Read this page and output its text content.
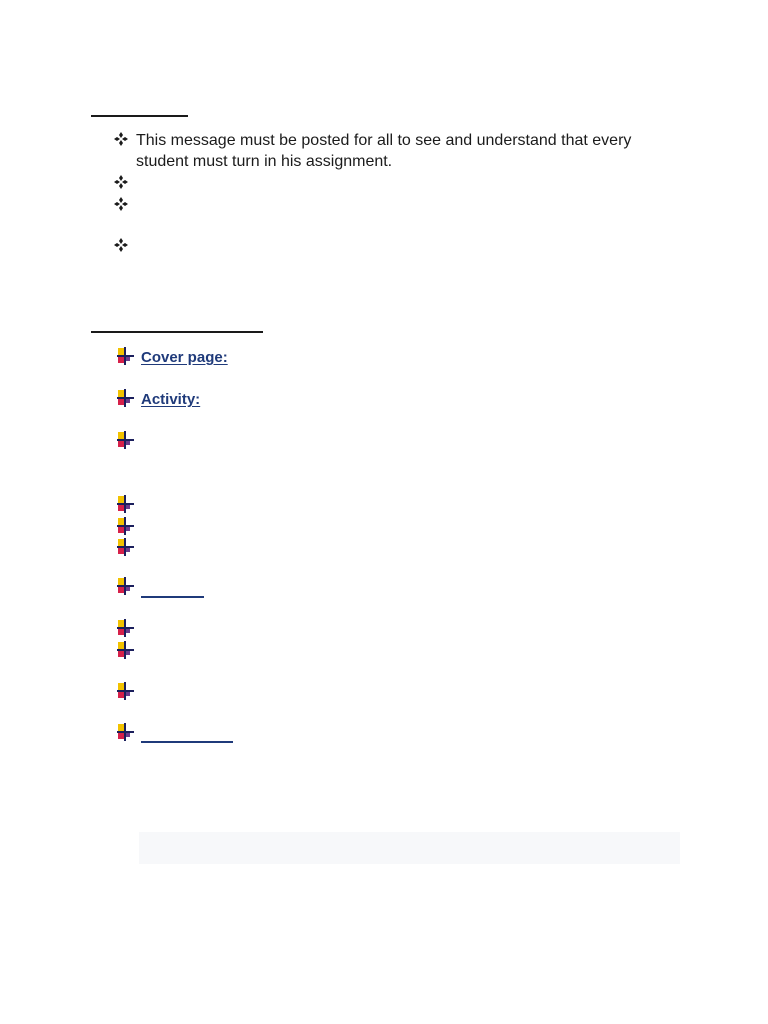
This message must be posted for all to see and understand that every student must turn in his assignment.
Cover page:
Activity:
